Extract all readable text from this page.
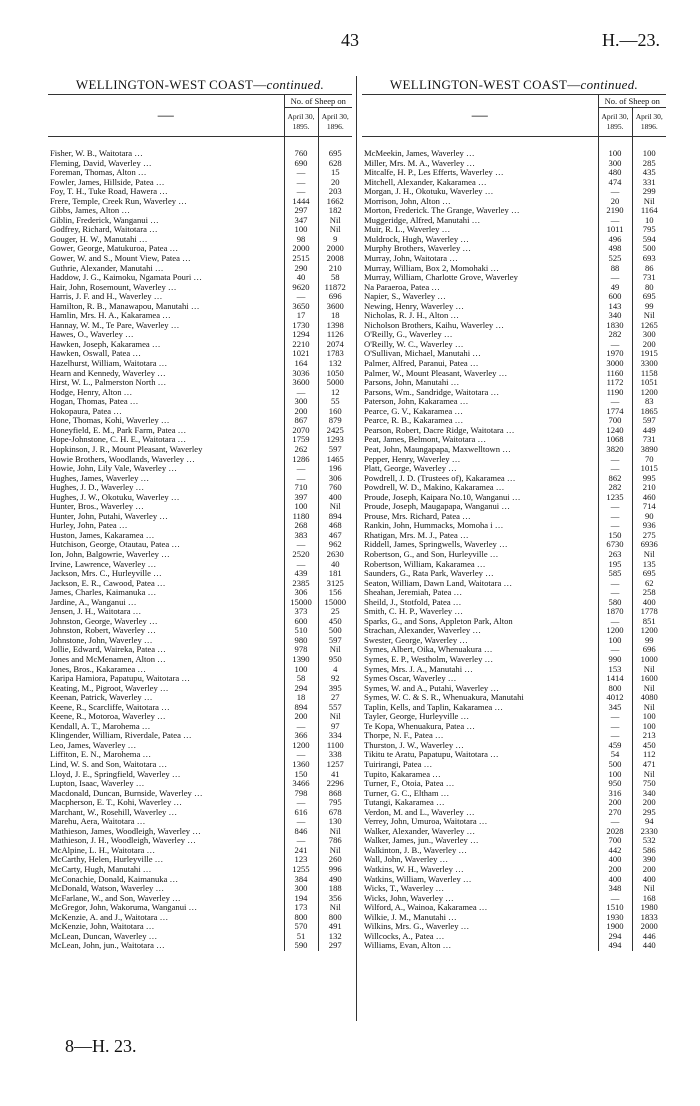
43	H.—23.
WELLINGTON-WEST COAST—continued.
—	No. of Sheep on	
	April 30, 1895.	April 30, 1896.

Fisher, W. B., Waitotara …	760	695
Fleming, David, Waverley …	690	628
Foreman, Thomas, Alton …	—	15
Fowler, James, Hillside, Patea …	—	20
Foy, T. H., Tuke Road, Hawera …	—	203
Frere, Temple, Creek Run, Waverley …	1444	1662
Gibbs, James, Alton …	297	182
Giblin, Frederick, Wanganui …	347	Nil
Godfrey, Richard, Waitotara …	100	Nil
Gouger, H. W., Manutahi …	98	9
Gower, George, Matukuroa, Patea …	2000	2000
Gower, W. and S., Mount View, Patea …	2515	2008
Guthrie, Alexander, Manutahi …	290	210
Haddow, J. G., Kaimoku, Ngamata Pouri …	40	58
Hair, John, Rosemount, Waverley …	9620	11872
Harris, J. F. and H., Waverley …	—	696
Hamilton, R. B., Manawapou, Manutahi …	3650	3600
Hamlin, Mrs. H. A., Kakaramea …	17	18
Hannay, W. M., Te Pare, Waverley …	1730	1398
Hawes, O., Waverley …	1294	1126
Hawken, Joseph, Kakaramea …	2210	2074
Hawken, Oswall, Patea …	1021	1783
Hazelhurst, William, Waitotara …	164	132
Hearn and Kennedy, Waverley …	3036	1050
Hirst, W. L., Palmerston North …	3600	5000
Hodge, Henry, Alton …	—	12
Hogan, Thomas, Patea …	300	55
Hokopaura, Patea …	200	160
Hone, Thomas, Kohi, Waverley …	867	879
Honeyfield, E. M., Park Farm, Patea …	2070	2425
Hope-Johnstone, C. H. E., Waitotara …	1759	1293
Hopkinson, J. R., Mount Pleasant, Waverley	262	597
Howie Brothers, Woodlands, Waverley …	1286	1465
Howie, John, Lily Vale, Waverley …	—	196
Hughes, James, Waverley …	—	306
Hughes, J. D., Waverley …	710	760
Hughes, J. W., Okotuku, Waverley …	397	400
Hunter, Bros., Waverley …	100	Nil
Hunter, John, Putahi, Waverley …	1180	894
Hurley, John, Patea …	268	468
Huston, James, Kakaramea …	383	467
Hutchison, George, Otautau, Patea …	—	962
Ion, John, Balgowrie, Waverley …	2520	2630
Irvine, Lawrence, Waverley …	—	40
Jackson, Mrs. C., Hurleyville …	439	181
Jackson, E. R., Cawood, Patea …	2385	3125
James, Charles, Kaimanuka …	306	156
Jardine, A., Wanganui …	15000	15000
Jensen, J. H., Waitotara …	373	25
Johnston, George, Waverley …	600	450
Johnston, Robert, Waverley …	510	500
Johnstone, John, Waverley …	980	597
Jollie, Edward, Waireka, Patea …	978	Nil
Jones and McMenamen, Alton …	1390	950
Jones, Bros., Kakaramea …	100	4
Karipa Hamiora, Papatupu, Waitotara …	58	92
Keating, M., Pigroot, Waverley …	294	395
Keenan, Patrick, Waverley …	18	27
Keene, R., Scarcliffe, Waitotara …	894	557
Keene, R., Motoroa, Waverley …	200	Nil
Kendall, A. T., Marohema …	—	97
Klingender, William, Riverdale, Patea …	366	334
Leo, James, Waverley …	1200	1100
Liffiton, E. N., Marohema …	—	338
Lind, W. S. and Son, Waitotara …	1360	1257
Lloyd, J. E., Springfield, Waverley …	150	41
Lupton, Isaac, Waverley …	3466	2296
Macdonald, Duncan, Burnside, Waverley …	798	868
Macpherson, E. T., Kohi, Waverley …	—	795
Marchant, W., Rosehill, Waverley …	616	678
Marehu, Aera, Waitotara …	—	130
Mathieson, James, Woodleigh, Waverley …	846	Nil
Mathieson, J. H., Woodleigh, Waverley …	—	786
McAlpine, L. H., Waitotara …	241	Nil
McCarthy, Helen, Hurleyville …	123	260
McCarty, Hugh, Manutahi …	1255	996
McConachie, Donald, Kaimanuka …	384	490
McDonald, Watson, Waverley …	300	188
McFarlane, W., and Son, Waverley …	194	356
McGregor, John, Wakoruma, Wanganui …	173	Nil
McKenzie, A. and J., Waitotara …	800	800
McKenzie, John, Waitotara …	570	491
McLean, Duncan, Waverley …	51	132
McLean, John, jun., Waitotara …	590	297
WELLINGTON-WEST COAST—continued.
—	No. of Sheep on	
	April 30, 1895.	April 30, 1896.

McMeekin, James, Waverley …	100	100
Miller, Mrs. M. A., Waverley …	300	285
Mitcalfe, H. P., Les Efferts, Waverley …	480	435
Mitchell, Alexander, Kakaramea …	474	331
Morgan, J. H., Okotuku, Waverley …	—	299
Morrison, John, Alton …	20	Nil
Morton, Frederick. The Grange, Waverley …	2190	1164
Muggeridge, Alfred, Manutahi …	—	10
Muir, R. L., Waverley …	1011	795
Muldrock, Hugh, Waverley …	496	594
Murphy Brothers, Waverley …	498	500
Murray, John, Waitotara …	525	693
Murray, William, Box 2, Momohaki …	88	86
Murray, William, Charlotte Grove, Waverley	—	731
Na Paraeroa, Patea …	49	80
Napier, S., Waverley …	600	695
Newing, Henry, Waverley …	143	99
Nicholas, R. J. H., Alton …	340	Nil
Nicholson Brothers, Kaihu, Waverley …	1830	1265
O'Reilly, G., Waverley …	282	300
O'Reilly, W. C., Waverley …	—	200
O'Sullivan, Michael, Manutahi …	1970	1915
Palmer, Alfred, Paranui, Patea …	3000	3300
Palmer, W., Mount Pleasant, Waverley …	1160	1158
Parsons, John, Manutahi …	1172	1051
Parsons, Wm., Sandridge, Waitotara …	1190	1200
Paterson, John, Kakaramea …	—	83
Pearce, G. V., Kakaramea …	1774	1865
Pearce, R. B., Kakaramea …	700	597
Pearson, Robert, Dacre Ridge, Waitotara …	1240	449
Peat, James, Belmont, Waitotara …	1068	731
Peat, John, Maungapapa, Maxwelltown …	3820	3890
Pepper, Henry, Waverley …	—	70
Platt, George, Waverley …	—	1015
Powdrell, J. D. (Trustees of), Kakaramea …	862	995
Powdrell, W. D., Makino, Kakaramea …	282	210
Proude, Joseph, Kaipara No.10, Wanganui …	1235	460
Proude, Joseph, Maugapapa, Wanganui …	—	714
Prouse, Mrs. Richard, Patea …	—	90
Rankin, John, Hummacks, Momoha i …	—	936
Rhatigan, Mrs. M. J., Patea …	150	275
Riddell, James, Springwells, Waverley …	6730	6936
Robertson, G., and Son, Hurleyville …	263	Nil
Robertson, William, Kakaramea …	195	135
Saunders, G., Rata Park, Waverley …	585	695
Seaton, William, Dawn Land, Waitotara …	—	62
Sheahan, Jeremiah, Patea …	—	258
Sheild, J., Stotfold, Patea …	580	400
Smith, C. H. P., Waverley …	1870	1778
Sparks, G., and Sons, Appleton Park, Alton	—	851
Strachan, Alexander, Waverley …	1200	1200
Swester, George, Waverley …	100	99
Symes, Albert, Oika, Whenuakura …	—	696
Symes, E. P., Westholm, Waverley …	990	1000
Symes, Mrs. J. A., Manutahi …	153	Nil
Symes Oscar, Waverley …	1414	1600
Symes, W. and A., Putahi, Waverley …	800	Nil
Symes, W. C. & S. R., Whenuakura, Manutahi	4012	4080
Taplin, Kells, and Taplin, Kakaramea …	345	Nil
Tayler, George, Hurleyville …	—	100
Te Kopa, Whenuakura, Patea …	—	100
Thorpe, N. F., Patea …	—	213
Thurston, J. W., Waverley …	459	450
Tikitu te Aratu, Papatupu, Waitotara …	54	112
Tuirirangi, Patea …	500	471
Tupito, Kakaramea …	100	Nil
Turner, F., Otoia, Patea …	950	750
Turner, G. C., Eltham …	316	340
Tutangi, Kakaramea …	200	200
Verdon, M. and L., Waverley …	270	295
Verrey, John, Umuroa, Waitotara …	—	94
Walker, Alexander, Waverley …	2028	2330
Walker, James, jun., Waverley …	700	532
Walkinton, J. B., Waverley …	442	586
Wall, John, Waverley …	400	390
Watkins, W. H., Waverley …	200	200
Watkins, William, Waverley …	400	400
Wicks, T., Waverley …	348	Nil
Wicks, John, Waverley …	—	168
Wilford, A., Wainoa, Kakaramea …	1510	1980
Wilkie, J. M., Manutahi …	1930	1833
Wilkins, Mrs. G., Waverley …	1900	2000
Willcocks, A., Patea …	294	446
Williams, Evan, Alton …	494	440
8—H. 23.
